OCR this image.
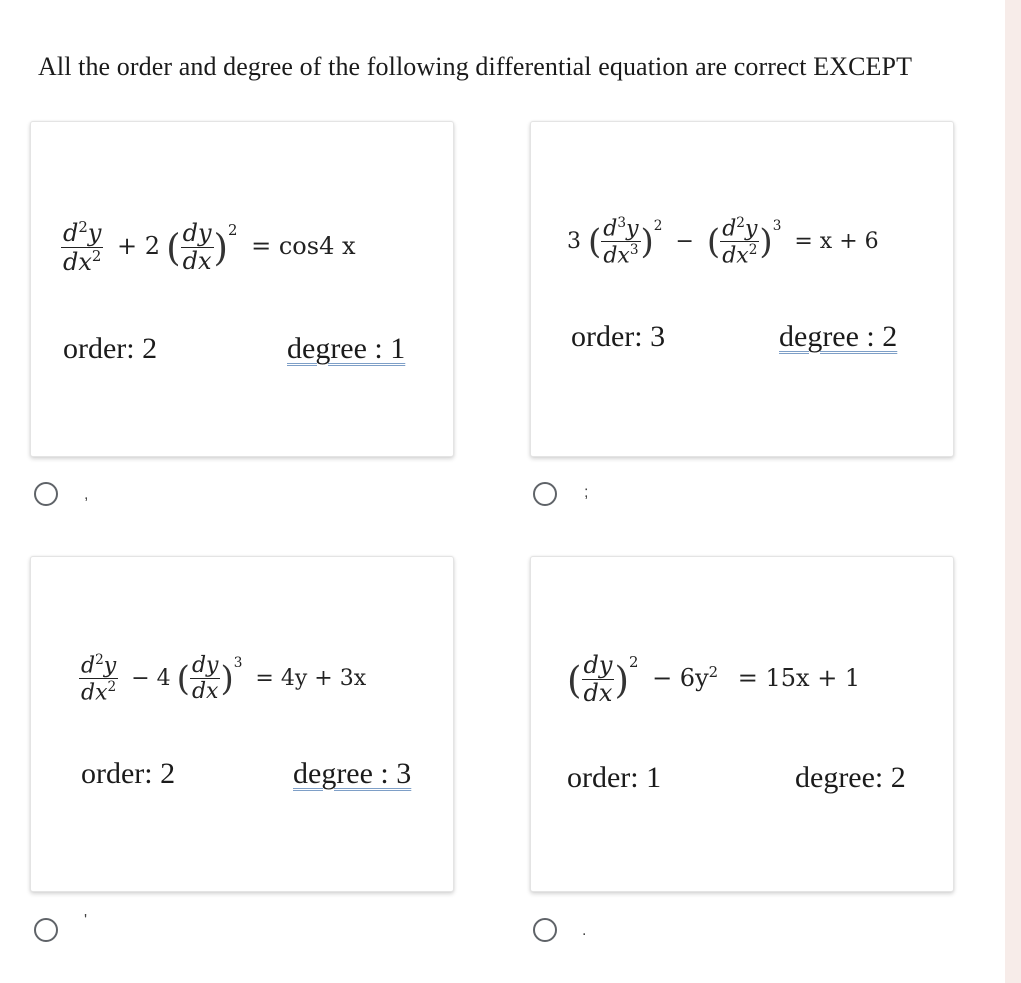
All the order and degree of the following differential equation are correct EXCEPT
$\frac{d^2y}{dx^2} + 2$ ( $\frac{dy}{dx} )^2 = \cos 4$ x
order: 2	degree : 1
3 ( $\frac{d^3y}{dx^3} )^2$ − ( $\frac{d^2y}{dx^2} )^3 = x + 6$
order: 3	degree : 2
,	;
$\frac{d^2y}{dx^2} - 4$ ( $\frac{dy}{dx} )^3 = 4y + 3x$
order: 2	degree : 3
( $\frac{dy}{dx} )^2 - 6y^2 = 15x + 1$
order: 1	degree: 2
'
.
